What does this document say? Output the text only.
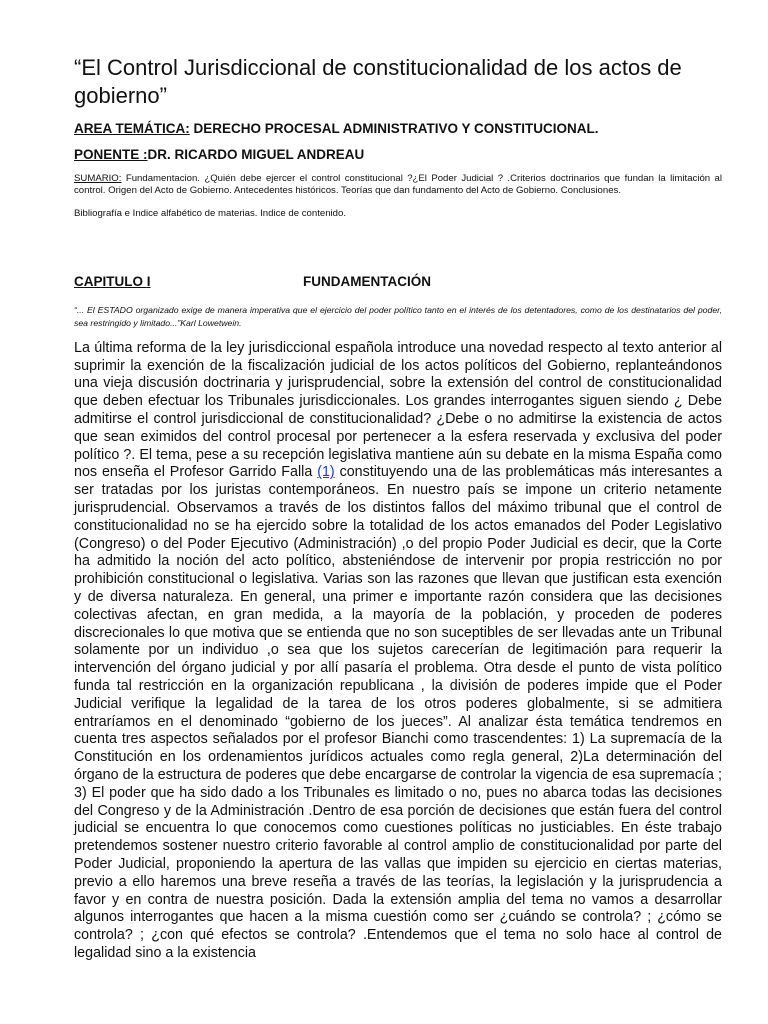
“El Control Jurisdiccional de constitucionalidad de los actos de gobierno”

AREA TEMÁTICA: DERECHO PROCESAL ADMINISTRATIVO Y CONSTITUCIONAL.

PONENTE :DR. RICARDO MIGUEL ANDREAU

SUMARIO: Fundamentacion. ¿Quién debe ejercer el control constitucional ?¿El Poder Judicial ? .Criterios doctrinarios que fundan la limitación al control. Origen del Acto de Gobierno. Antecedentes históricos. Teorías que dan fundamento del Acto de Gobierno. Conclusiones.

Bibliografía e Indice alfabético de materias. Indice de contenido.

CAPITULO I	FUNDAMENTACIÓN

“... El ESTADO organizado exige de manera imperativa que el ejercicio del poder político tanto en el interés de los detentadores, como de los destinatarios del poder, sea restringido y limitado...”Karl Lowetwein.

La última reforma de la ley jurisdiccional española introduce una novedad respecto al texto anterior al suprimir la exención de la fiscalización judicial de los actos políticos del Gobierno, replanteándonos una vieja discusión doctrinaria y jurisprudencial, sobre la extensión del control de constitucionalidad que deben efectuar los Tribunales jurisdiccionales. Los grandes interrogantes siguen siendo ¿ Debe admitirse el control jurisdiccional de constitucionalidad? ¿Debe o no admitirse la existencia de actos que sean eximidos del control procesal por pertenecer a la esfera reservada y exclusiva del poder político ?. El tema, pese a su recepción legislativa mantiene aún su debate en la misma España como nos enseña el Profesor Garrido Falla (1) constituyendo una de las problemáticas más interesantes a ser tratadas por los juristas contemporáneos. En nuestro país se impone un criterio netamente jurisprudencial. Observamos a través de los distintos fallos del máximo tribunal que el control de constitucionalidad no se ha ejercido sobre la totalidad de los actos emanados del Poder Legislativo (Congreso) o del Poder Ejecutivo (Administración) ,o del propio Poder Judicial es decir, que la Corte ha admitido la noción del acto político, absteniéndose de intervenir por propia restricción no por prohibición constitucional o legislativa. Varias son las razones que llevan que justifican esta exención y de diversa naturaleza. En general, una primer e importante razón considera que las decisiones colectivas afectan, en gran medida, a la mayoría de la población, y proceden de poderes discrecionales lo que motiva que se entienda que no son suceptibles de ser llevadas ante un Tribunal solamente por un individuo ,o sea que los sujetos carecerían de legitimación para requerir la intervención del órgano judicial y por allí pasaría el problema. Otra desde el punto de vista político funda tal restricción en la organización republicana , la división de poderes impide que el Poder Judicial verifique la legalidad de la tarea de los otros poderes globalmente, si se admitiera entraríamos en el denominado “gobierno de los jueces”. Al analizar ésta temática tendremos en cuenta tres aspectos señalados por el profesor Bianchi como trascendentes: 1) La supremacía de la Constitución en los ordenamientos jurídicos actuales como regla general, 2)La determinación del órgano de la estructura de poderes que debe encargarse de controlar la vigencia de esa supremacía ; 3) El poder que ha sido dado a los Tribunales es limitado o no, pues no abarca todas las decisiones del Congreso y de la Administración .Dentro de esa porción de decisiones que están fuera del control judicial se encuentra lo que conocemos como cuestiones políticas no justiciables. En éste trabajo pretendemos sostener nuestro criterio favorable al control amplio de constitucionalidad por parte del Poder Judicial, proponiendo la apertura de las vallas que impiden su ejercicio en ciertas materias, previo a ello haremos una breve reseña a través de las teorías, la legislación y la jurisprudencia a favor y en contra de nuestra posición. Dada la extensión amplia del tema no vamos a desarrollar algunos interrogantes que hacen a la misma cuestión como ser ¿cuándo se controla? ; ¿cómo se controla? ; ¿con qué efectos se controla? .Entendemos que el tema no solo hace al control de legalidad sino a la existencia
